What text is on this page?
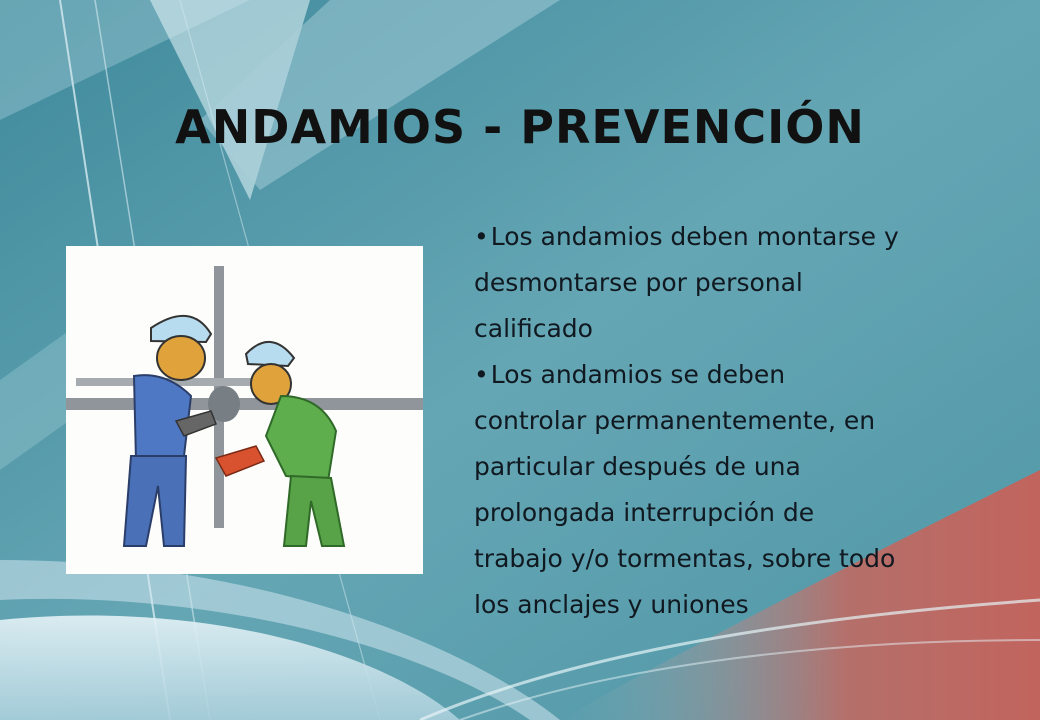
ANDAMIOS - PREVENCIÓN
•Los andamios deben montarse y desmontarse por personal calificado
•Los andamios se deben controlar permanentemente, en particular después de una prolongada interrupción de trabajo y/o tormentas, sobre todo los anclajes y uniones
